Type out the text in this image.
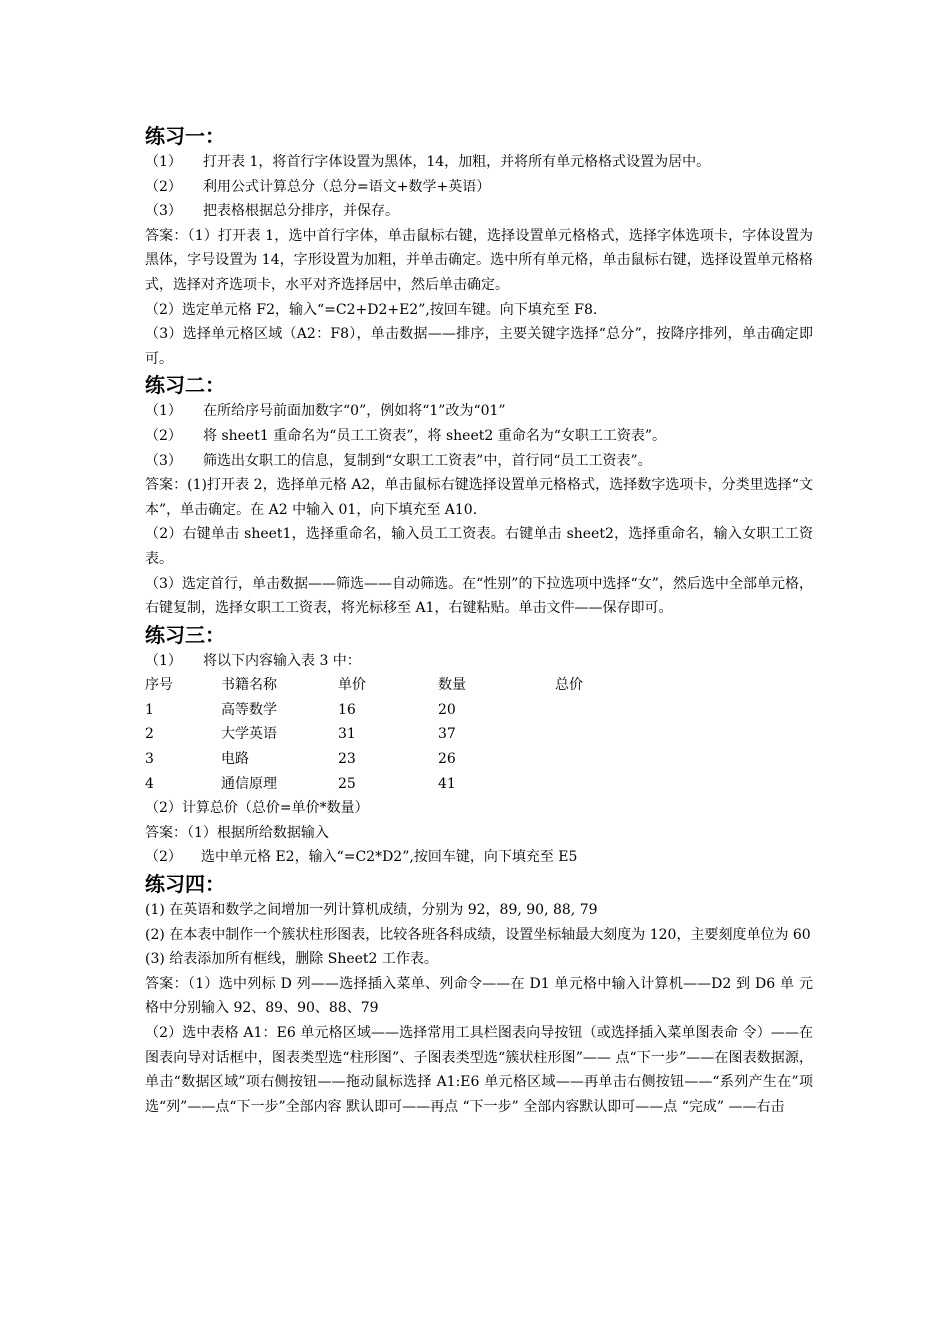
练习一：
（1） 打开表 1，将首行字体设置为黑体，14，加粗，并将所有单元格格式设置为居中。
（2） 利用公式计算总分（总分=语文+数学+英语）
（3） 把表格根据总分排序，并保存。
答案：（1）打开表 1，选中首行字体，单击鼠标右键，选择设置单元格格式，选择字体选项卡，字体设置为黑体，字号设置为 14，字形设置为加粗，并单击确定。选中所有单元格，单击鼠标右键，选择设置单元格格式，选择对齐选项卡，水平对齐选择居中，然后单击确定。
（2）选定单元格 F2，输入“=C2+D2+E2”,按回车键。向下填充至 F8.
（3）选择单元格区域（A2：F8），单击数据——排序，主要关键字选择“总分”，按降序排列，单击确定即可。
练习二：
（1） 在所给序号前面加数字“0”，例如将“1”改为“01”
（2） 将 sheet1 重命名为“员工工资表”，将 sheet2 重命名为“女职工工资表”。
（3） 筛选出女职工的信息，复制到“女职工工资表”中，首行同“员工工资表”。
答案：(1)打开表 2，选择单元格 A2，单击鼠标右键选择设置单元格格式，选择数字选项卡，分类里选择“文本”，单击确定。在 A2 中输入 01，向下填充至 A10.
（2）右键单击 sheet1，选择重命名，输入员工工资表。右键单击 sheet2，选择重命名，输入女职工工资表。
（3）选定首行，单击数据——筛选——自动筛选。在“性别”的下拉选项中选择“女”，然后选中全部单元格，右键复制，选择女职工工资表，将光标移至 A1，右键粘贴。单击文件——保存即可。
练习三：
（1） 将以下内容输入表 3 中：
序号	书籍名称	单价	数量	总价
1	高等数学	16	20	
2	大学英语	31	37	
3	电路	23	26	
4	通信原理	25	41	
（2）计算总价（总价=单价*数量）
答案：（1）根据所给数据输入
（2） 选中单元格 E2，输入“=C2*D2”,按回车键，向下填充至 E5
练习四：
(1) 在英语和数学之间增加一列计算机成绩，分别为 92，89, 90, 88, 79
(2) 在本表中制作一个簇状柱形图表，比较各班各科成绩，设置坐标轴最大刻度为 120，主要刻度单位为 60
(3) 给表添加所有框线，删除 Sheet2 工作表。
答案：（1）选中列标 D 列——选择插入菜单、列命令——在 D1 单元格中输入计算机——D2 到 D6 单 元格中分别输入 92、89、90、88、79
（2）选中表格 A1：E6 单元格区域——选择常用工具栏图表向导按钮（或选择插入菜单图表命 令）——在图表向导对话框中，图表类型选“柱形图”、子图表类型选“簇状柱形图”—— 点“下一步”——在图表数据源，单击“数据区域”项右侧按钮——拖动鼠标选择 A1:E6 单元格区域——再单击右侧按钮——“系列产生在”项选“列”——点“下一步”全部内容 默认即可——再点 “下一步” 全部内容默认即可——点 “完成” ——右击
